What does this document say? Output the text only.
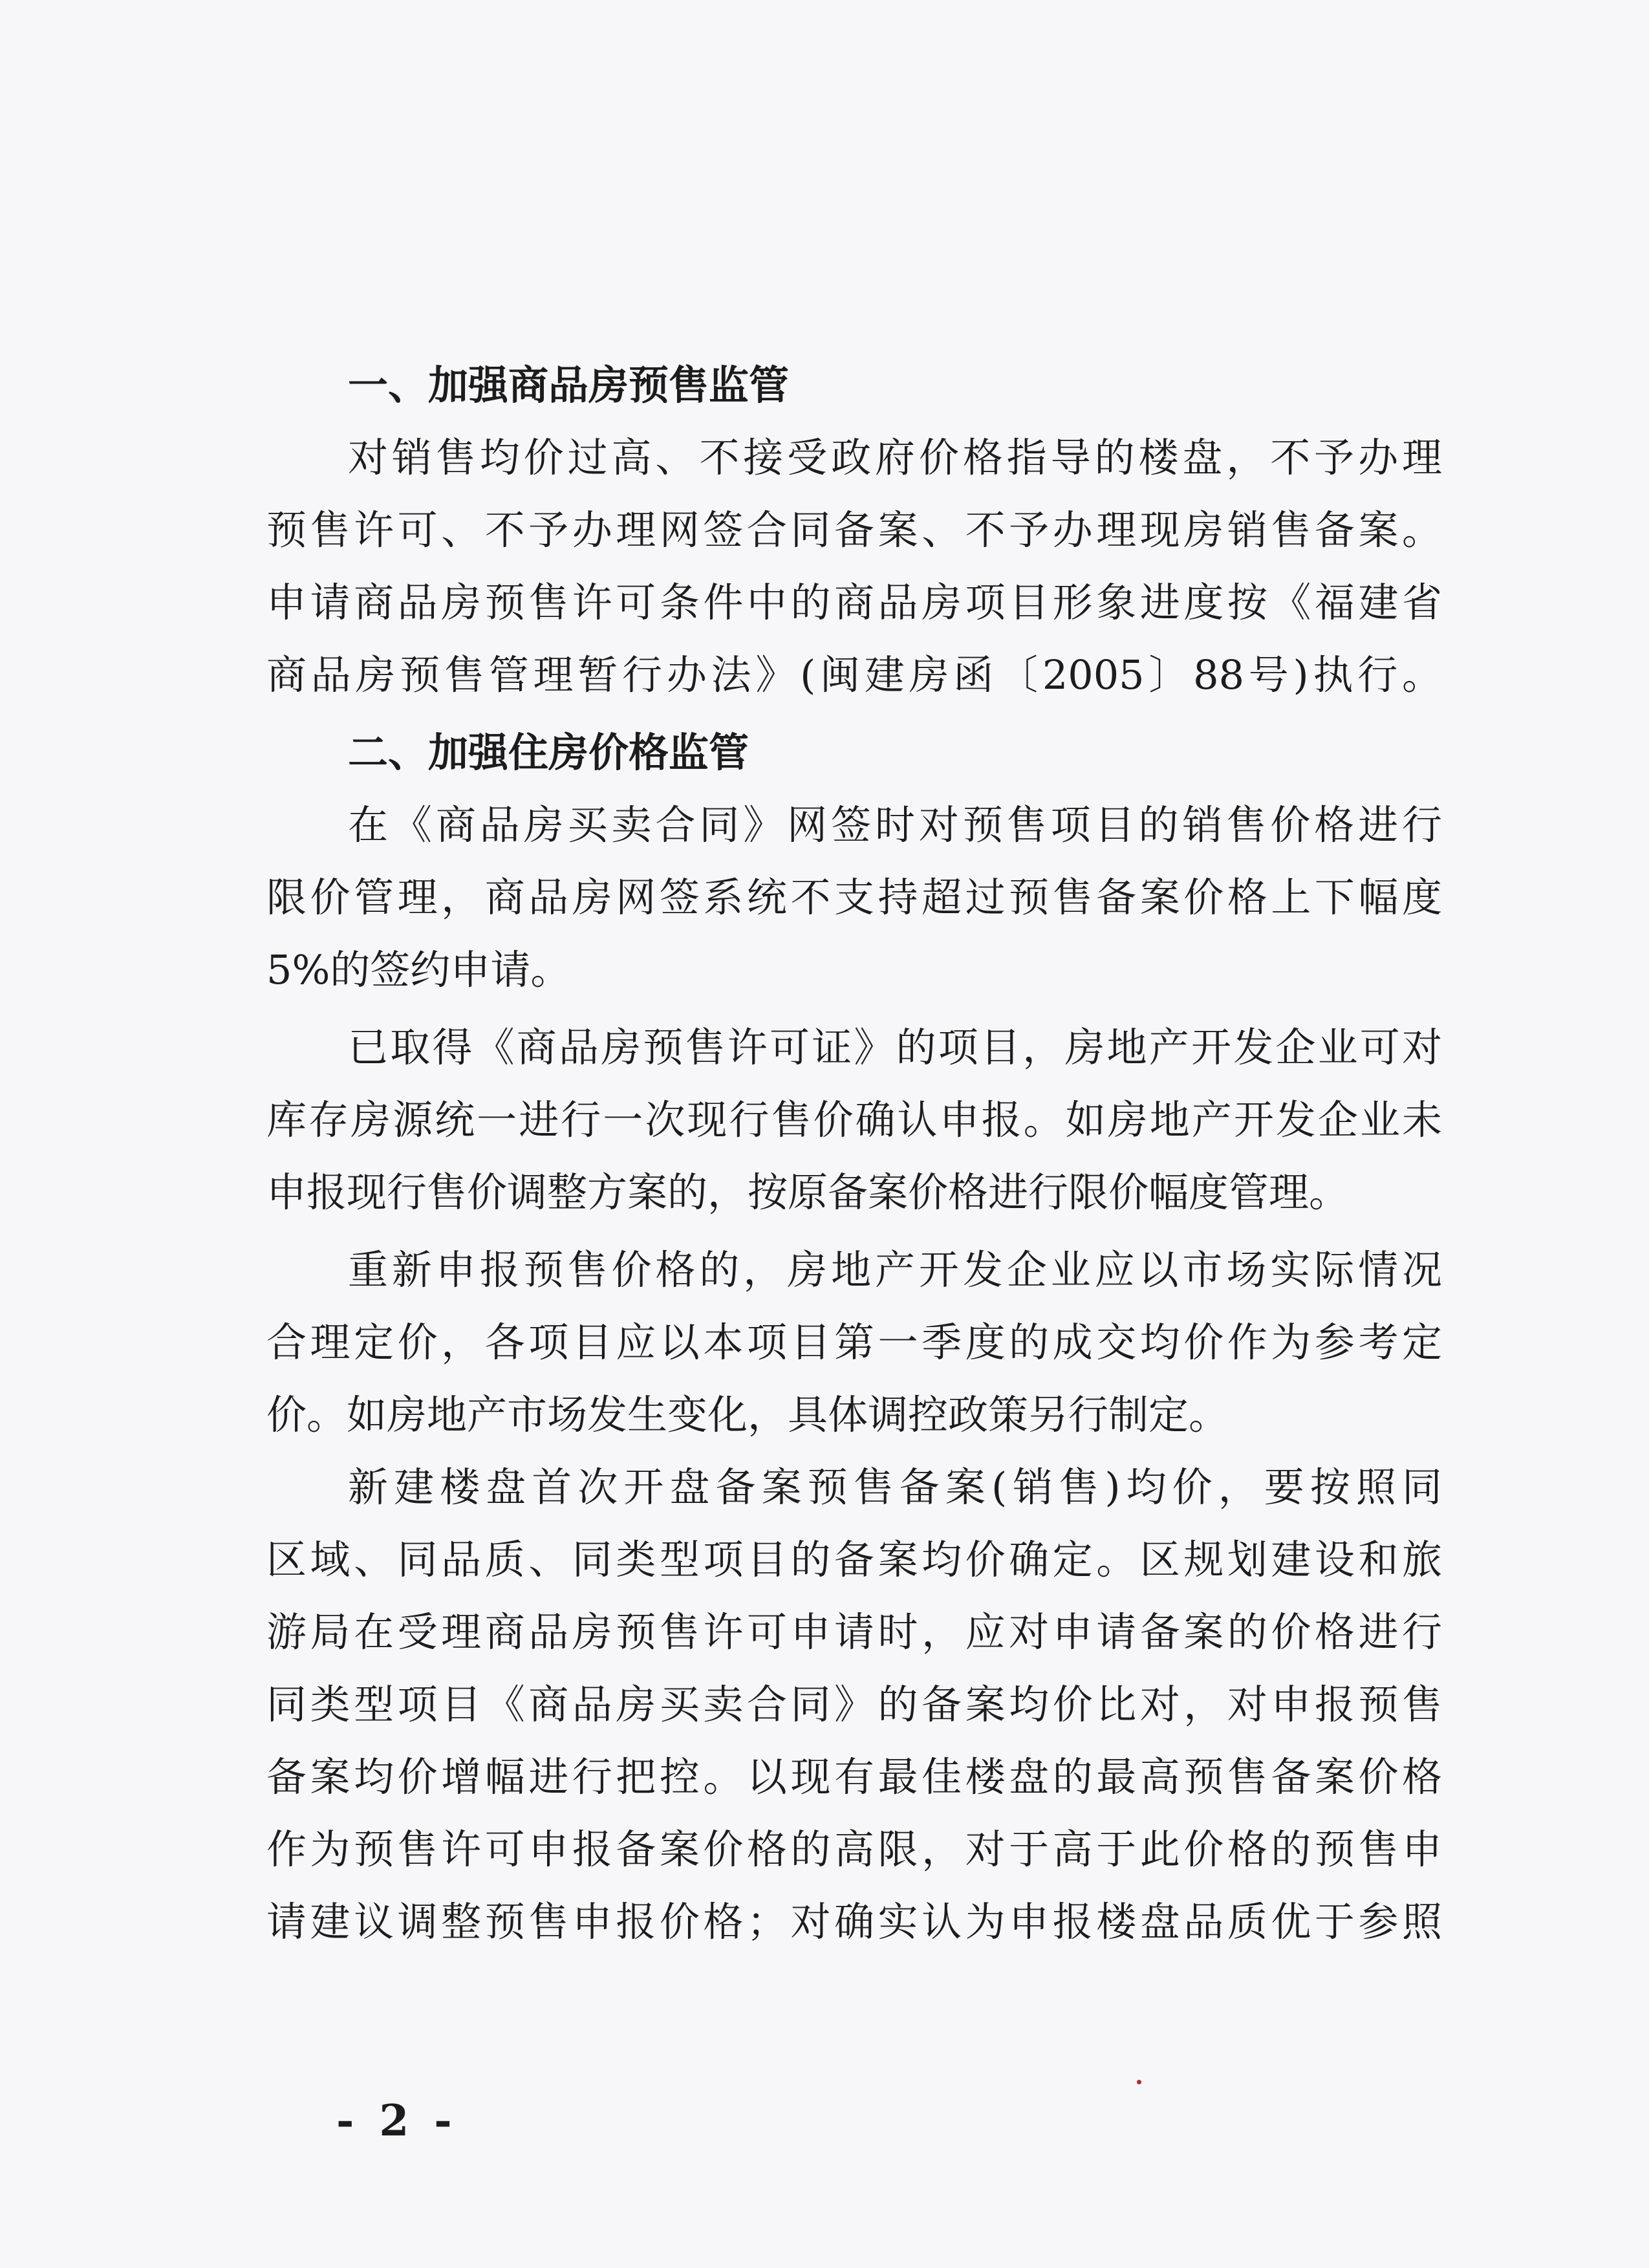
一、加强商品房预售监管
对销售均价过高、不接受政府价格指导的楼盘，不予办理
预售许可、不予办理网签合同备案、不予办理现房销售备案。
申请商品房预售许可条件中的商品房项目形象进度按《福建省
商品房预售管理暂行办法》(闽建房函〔2005〕88号)执行。
二、加强住房价格监管
在《商品房买卖合同》网签时对预售项目的销售价格进行
限价管理，商品房网签系统不支持超过预售备案价格上下幅度
5%的签约申请。
已取得《商品房预售许可证》的项目，房地产开发企业可对
库存房源统一进行一次现行售价确认申报。如房地产开发企业未
申报现行售价调整方案的，按原备案价格进行限价幅度管理。
重新申报预售价格的，房地产开发企业应以市场实际情况
合理定价，各项目应以本项目第一季度的成交均价作为参考定
价。如房地产市场发生变化，具体调控政策另行制定。
新建楼盘首次开盘备案预售备案(销售)均价，要按照同
区域、同品质、同类型项目的备案均价确定。区规划建设和旅
游局在受理商品房预售许可申请时，应对申请备案的价格进行
同类型项目《商品房买卖合同》的备案均价比对，对申报预售
备案均价增幅进行把控。以现有最佳楼盘的最高预售备案价格
作为预售许可申报备案价格的高限，对于高于此价格的预售申
请建议调整预售申报价格；对确实认为申报楼盘品质优于参照
- 2 -
